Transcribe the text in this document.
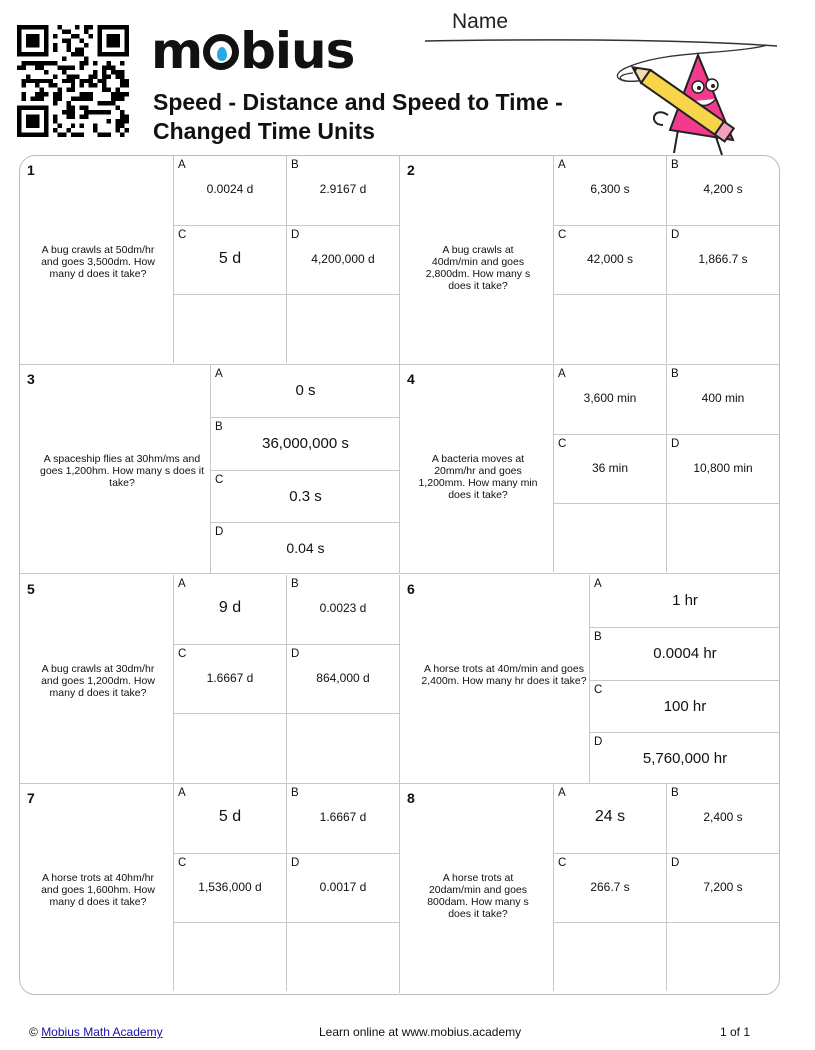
m bius
Speed - Distance and Speed to Time -
Changed Time Units
Name
1
A bug crawls at 50dm/hr and goes 3,500dm. How many d does it take?
A
0.0024 d
B
2.9167 d
C
5 d
D
4,200,000 d
2
A bug crawls at 40dm/min and goes 2,800dm. How many s does it take?
A
6,300 s
B
4,200 s
C
42,000 s
D
1,866.7 s
3
A spaceship flies at 30hm/ms and goes 1,200hm. How many s does it take?
A
0 s
B
36,000,000 s
C
0.3 s
D
0.04 s
4
A bacteria moves at 20mm/hr and goes 1,200mm. How many min does it take?
A
3,600 min
B
400 min
C
36 min
D
10,800 min
5
A bug crawls at 30dm/hr and goes 1,200dm. How many d does it take?
A
9 d
B
0.0023 d
C
1.6667 d
D
864,000 d
6
A horse trots at 40m/min and goes 2,400m. How many hr does it take?
A
1 hr
B
0.0004 hr
C
100 hr
D
5,760,000 hr
7
A horse trots at 40hm/hr and goes 1,600hm. How many d does it take?
A
5 d
B
1.6667 d
C
1,536,000 d
D
0.0017 d
8
A horse trots at 20dam/min and goes 800dam. How many s does it take?
A
24 s
B
2,400 s
C
266.7 s
D
7,200 s
© Mobius Math Academy	Learn online at www.mobius.academy	1 of 1
